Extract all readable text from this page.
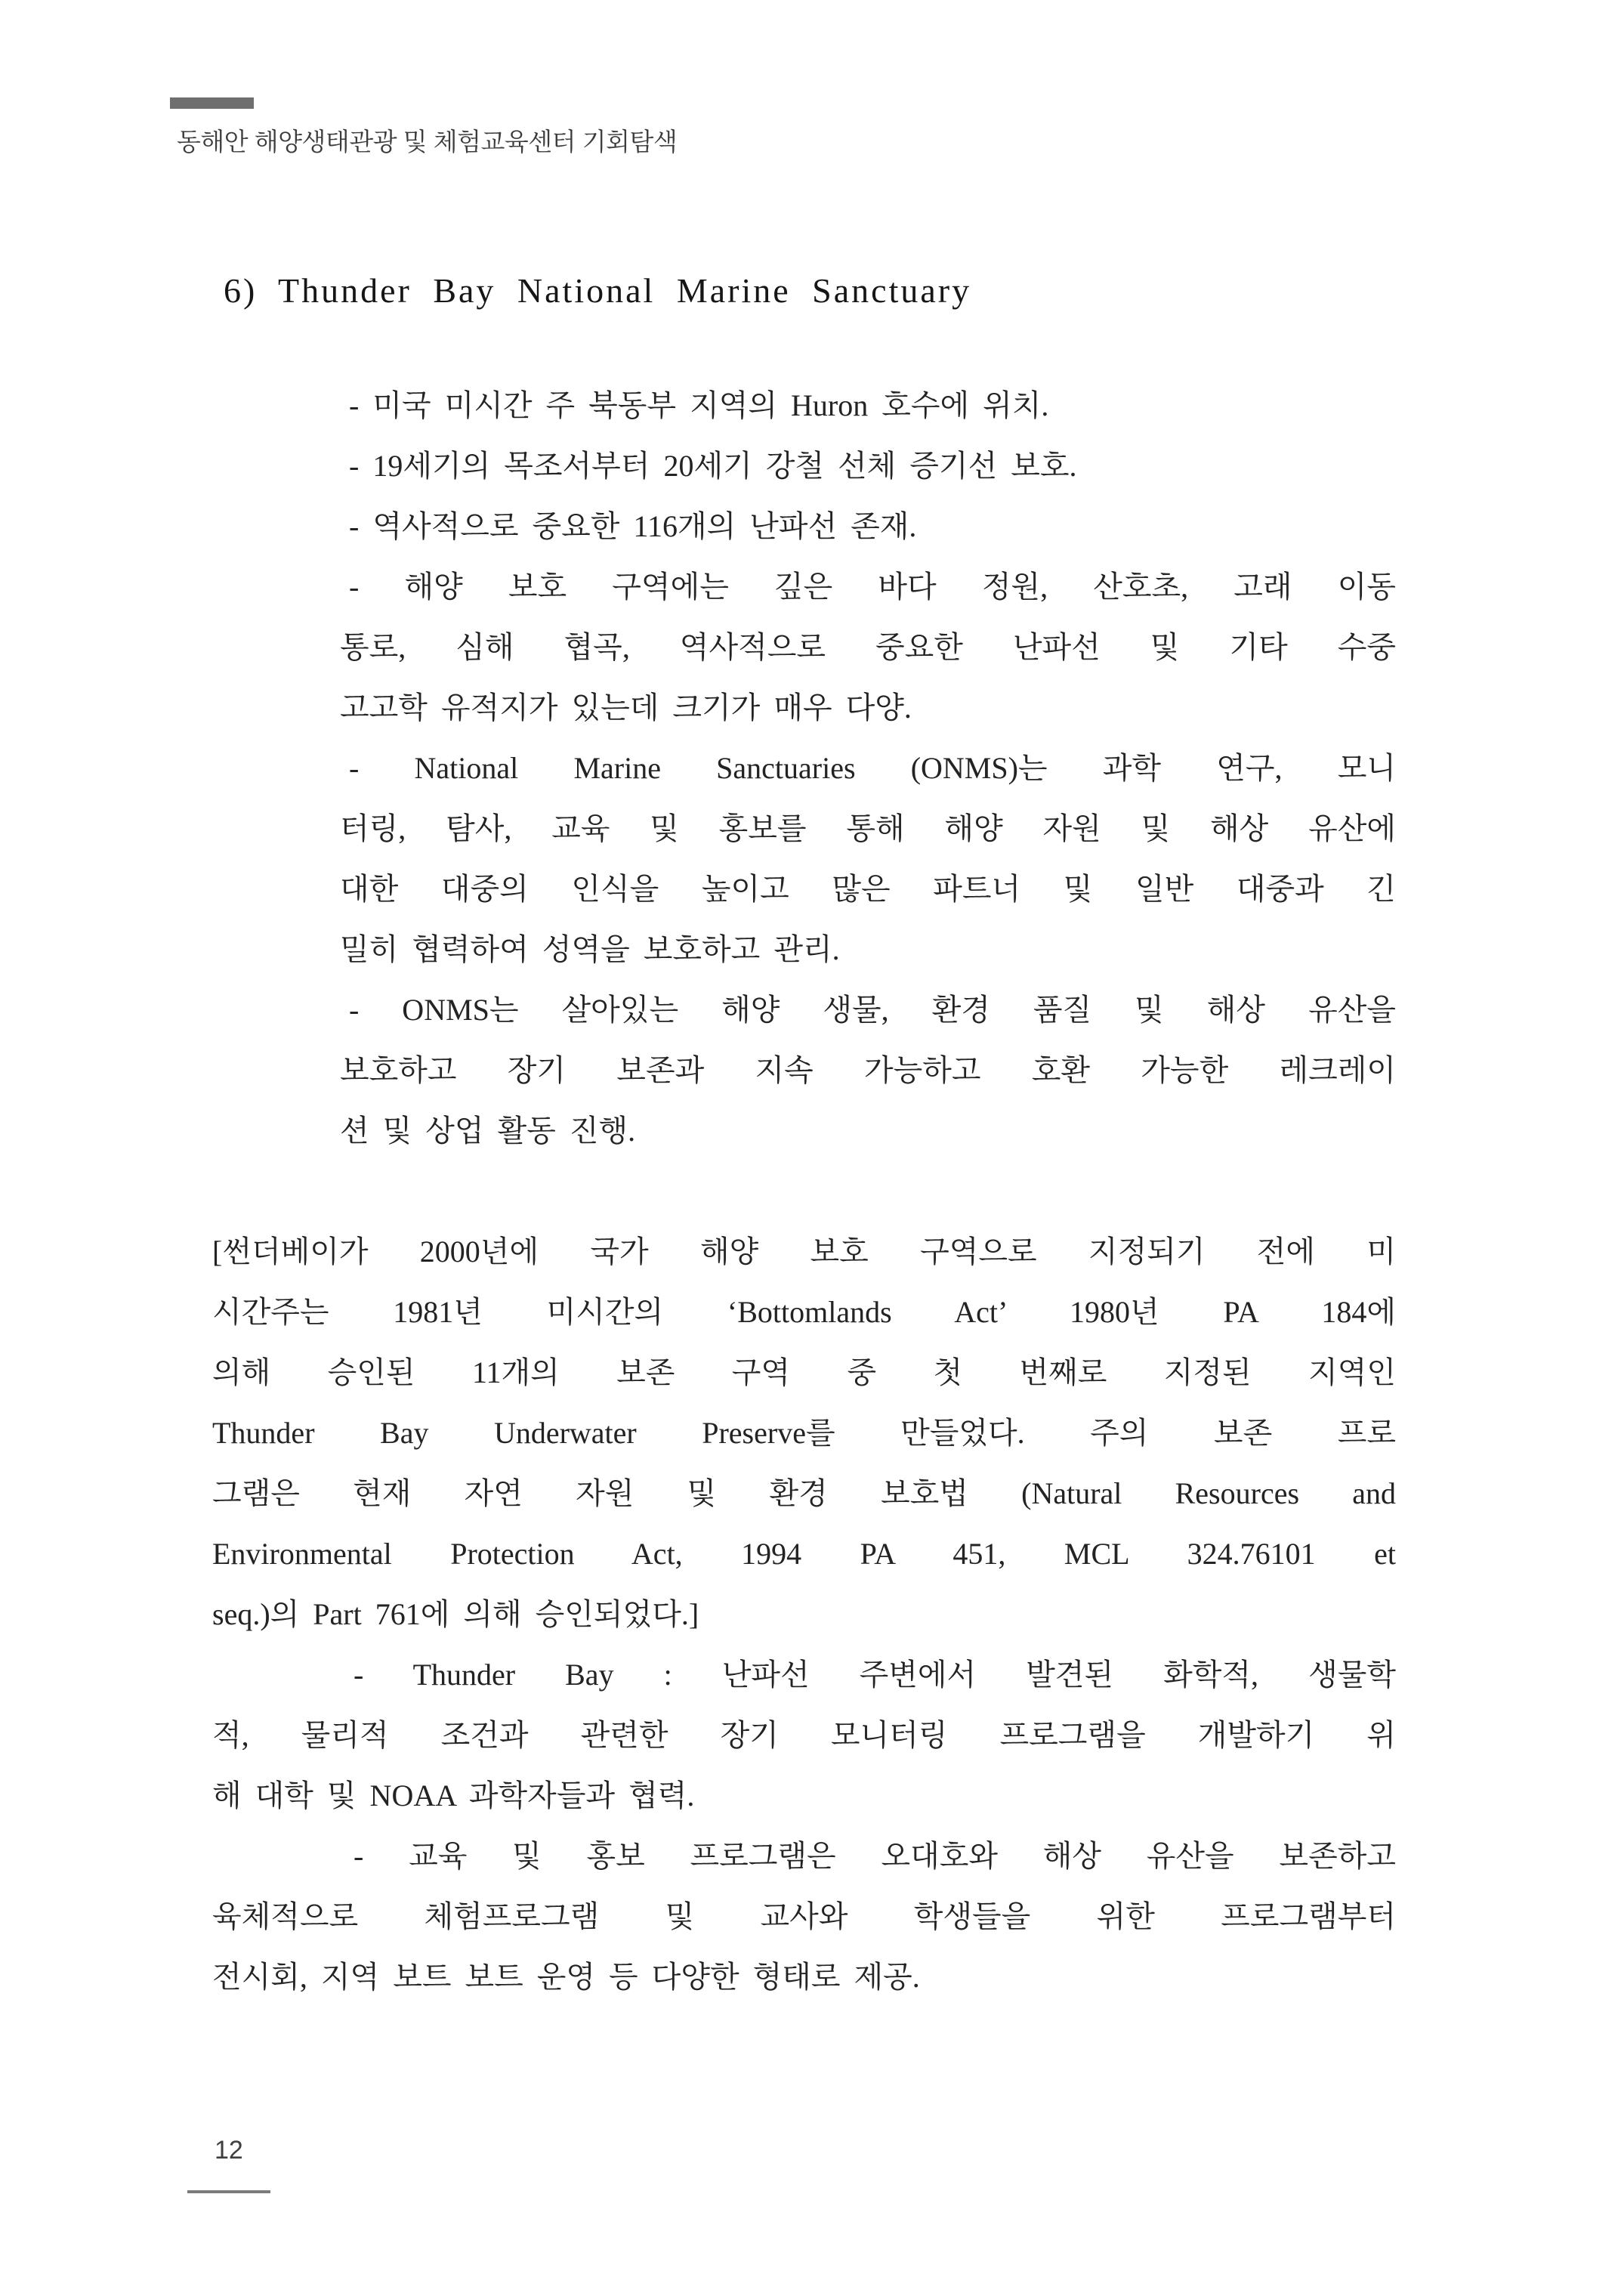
동해안 해양생태관광 및 체험교육센터 기회탐색
6) Thunder Bay National Marine Sanctuary
- 미국 미시간 주 북동부 지역의 Huron 호수에 위치.
- 19세기의 목조서부터 20세기 강철 선체 증기선 보호.
- 역사적으로 중요한 116개의 난파선 존재.
- 해양 보호 구역에는 깊은 바다 정원, 산호초, 고래 이동
통로, 심해 협곡, 역사적으로 중요한 난파선 및 기타 수중
고고학 유적지가 있는데 크기가 매우 다양.
- National Marine Sanctuaries (ONMS)는 과학 연구, 모니
터링, 탐사, 교육 및 홍보를 통해 해양 자원 및 해상 유산에
대한 대중의 인식을 높이고 많은 파트너 및 일반 대중과 긴
밀히 협력하여 성역을 보호하고 관리.
- ONMS는 살아있는 해양 생물, 환경 품질 및 해상 유산을
보호하고 장기 보존과 지속 가능하고 호환 가능한 레크레이
션 및 상업 활동 진행.
[썬더베이가 2000년에 국가 해양 보호 구역으로 지정되기 전에 미
시간주는 1981년 미시간의 ‘Bottomlands Act’ 1980년 PA 184에
의해 승인된 11개의 보존 구역 중 첫 번째로 지정된 지역인
Thunder Bay Underwater Preserve를 만들었다. 주의 보존 프로
그램은 현재 자연 자원 및 환경 보호법 (Natural Resources and
Environmental Protection Act, 1994 PA 451, MCL 324.76101 et
seq.)의 Part 761에 의해 승인되었다.]
- Thunder Bay : 난파선 주변에서 발견된 화학적, 생물학
적, 물리적 조건과 관련한 장기 모니터링 프로그램을 개발하기 위
해 대학 및 NOAA 과학자들과 협력.
- 교육 및 홍보 프로그램은 오대호와 해상 유산을 보존하고
육체적으로 체험프로그램 및 교사와 학생들을 위한 프로그램부터
전시회, 지역 보트 보트 운영 등 다양한 형태로 제공.
12
